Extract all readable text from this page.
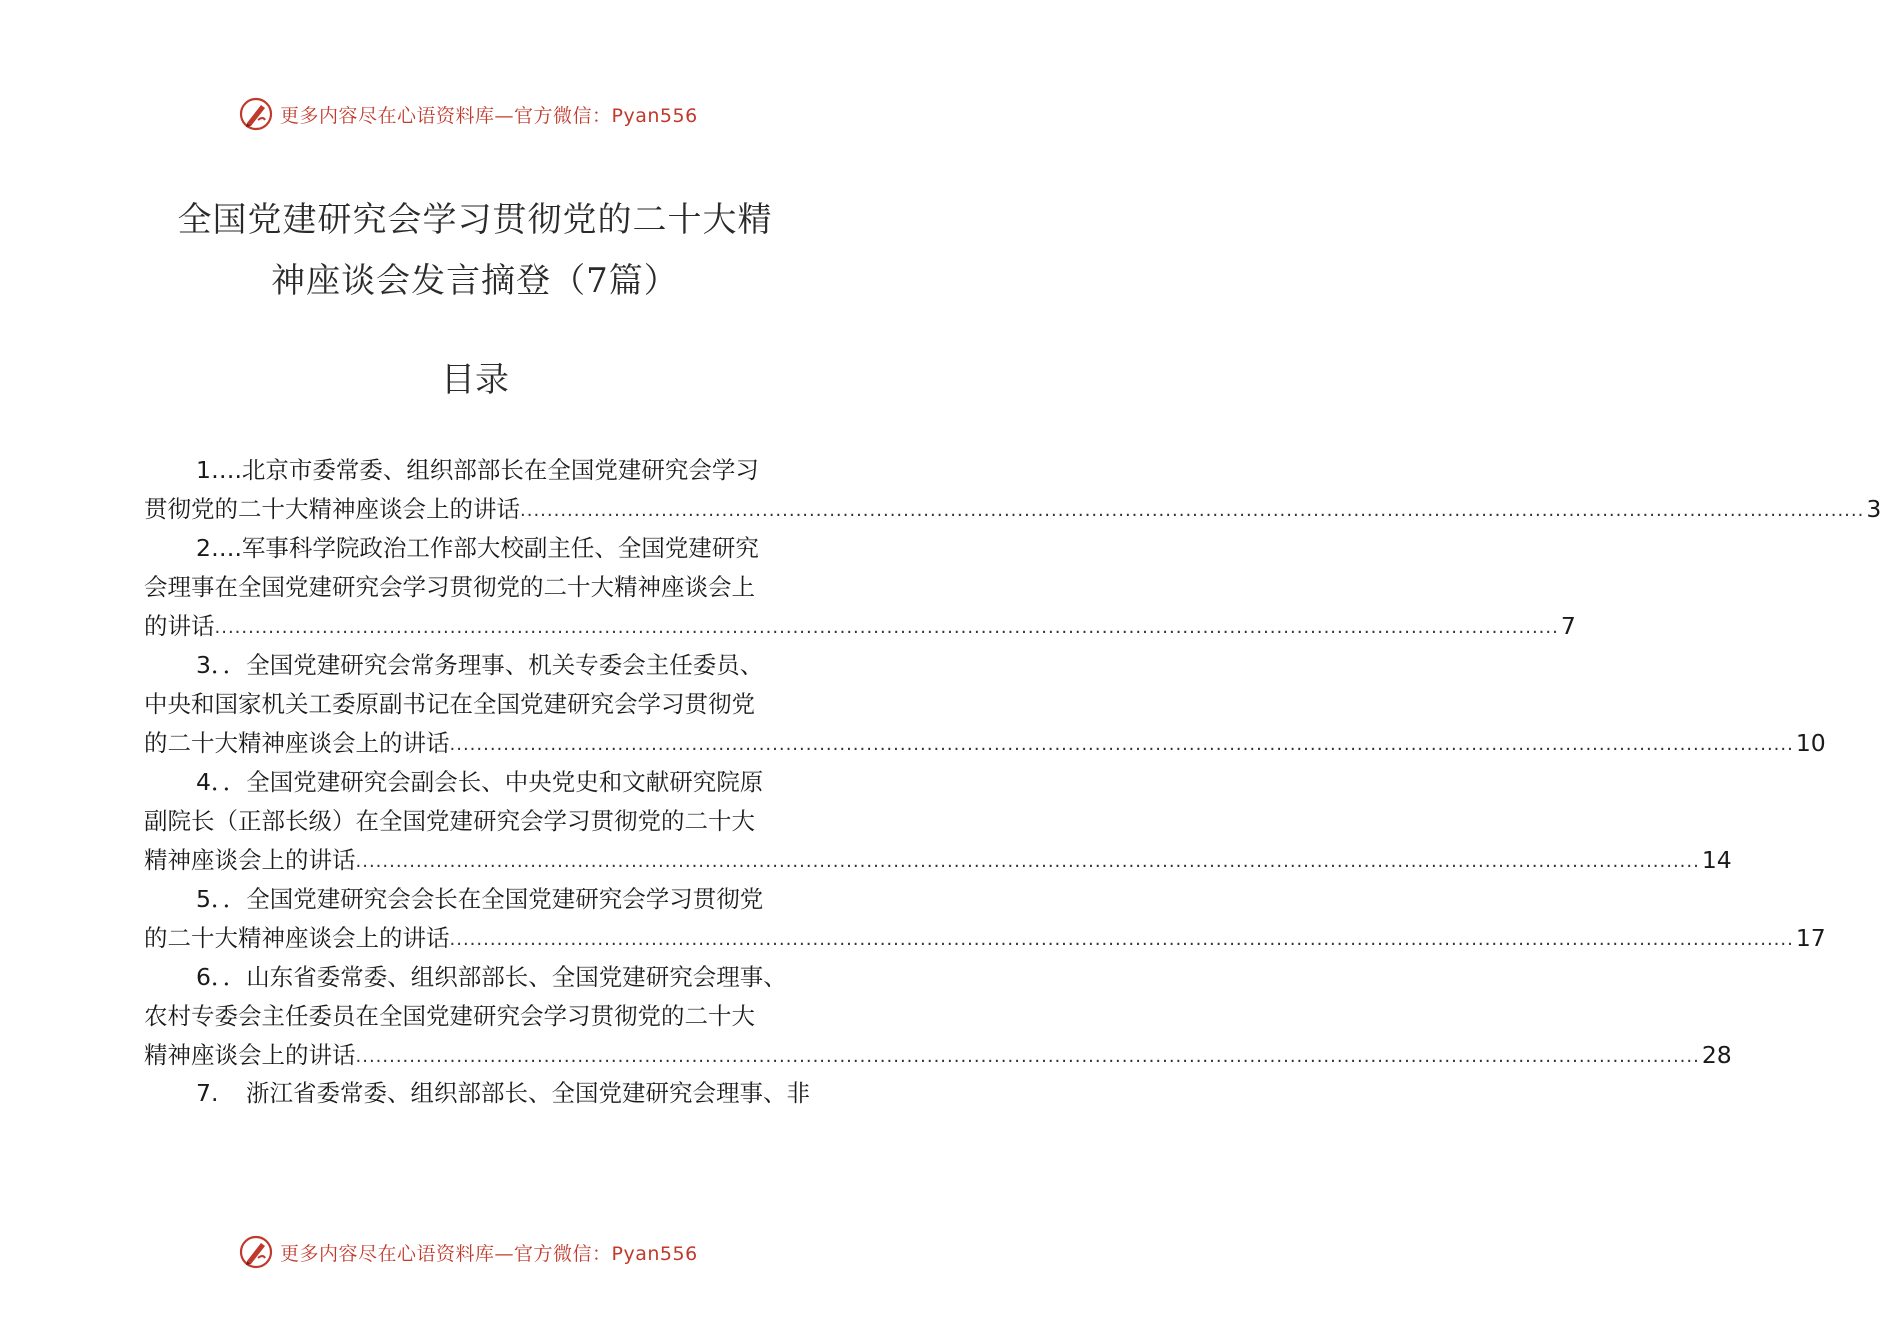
更多内容尽在心语资料库—官方微信：Pyan556
全国党建研究会学习贯彻党的二十大精
神座谈会发言摘登（7篇）
目录
1….北京市委常委、组织部部长在全国党建研究会学习
贯彻党的二十大精神座谈会上的讲话 ........................................................................................................................................................................................................ 3
2….军事科学院政治工作部大校副主任、全国党建研究
会理事在全国党建研究会学习贯彻党的二十大精神座谈会上
的讲话 ........................................................................................................................................................................................................ 7
3．．全国党建研究会常务理事、机关专委会主任委员、
中央和国家机关工委原副书记在全国党建研究会学习贯彻党
的二十大精神座谈会上的讲话 ........................................................................................................................................................................................................ 10
4．．全国党建研究会副会长、中央党史和文献研究院原
副院长（正部长级）在全国党建研究会学习贯彻党的二十大
精神座谈会上的讲话 ........................................................................................................................................................................................................ 14
5．．全国党建研究会会长在全国党建研究会学习贯彻党
的二十大精神座谈会上的讲话 ........................................................................................................................................................................................................ 17
6．．山东省委常委、组织部部长、全国党建研究会理事、
农村专委会主任委员在全国党建研究会学习贯彻党的二十大
精神座谈会上的讲话 ........................................................................................................................................................................................................ 28
7. 浙江省委常委、组织部部长、全国党建研究会理事、非
更多内容尽在心语资料库—官方微信：Pyan556
